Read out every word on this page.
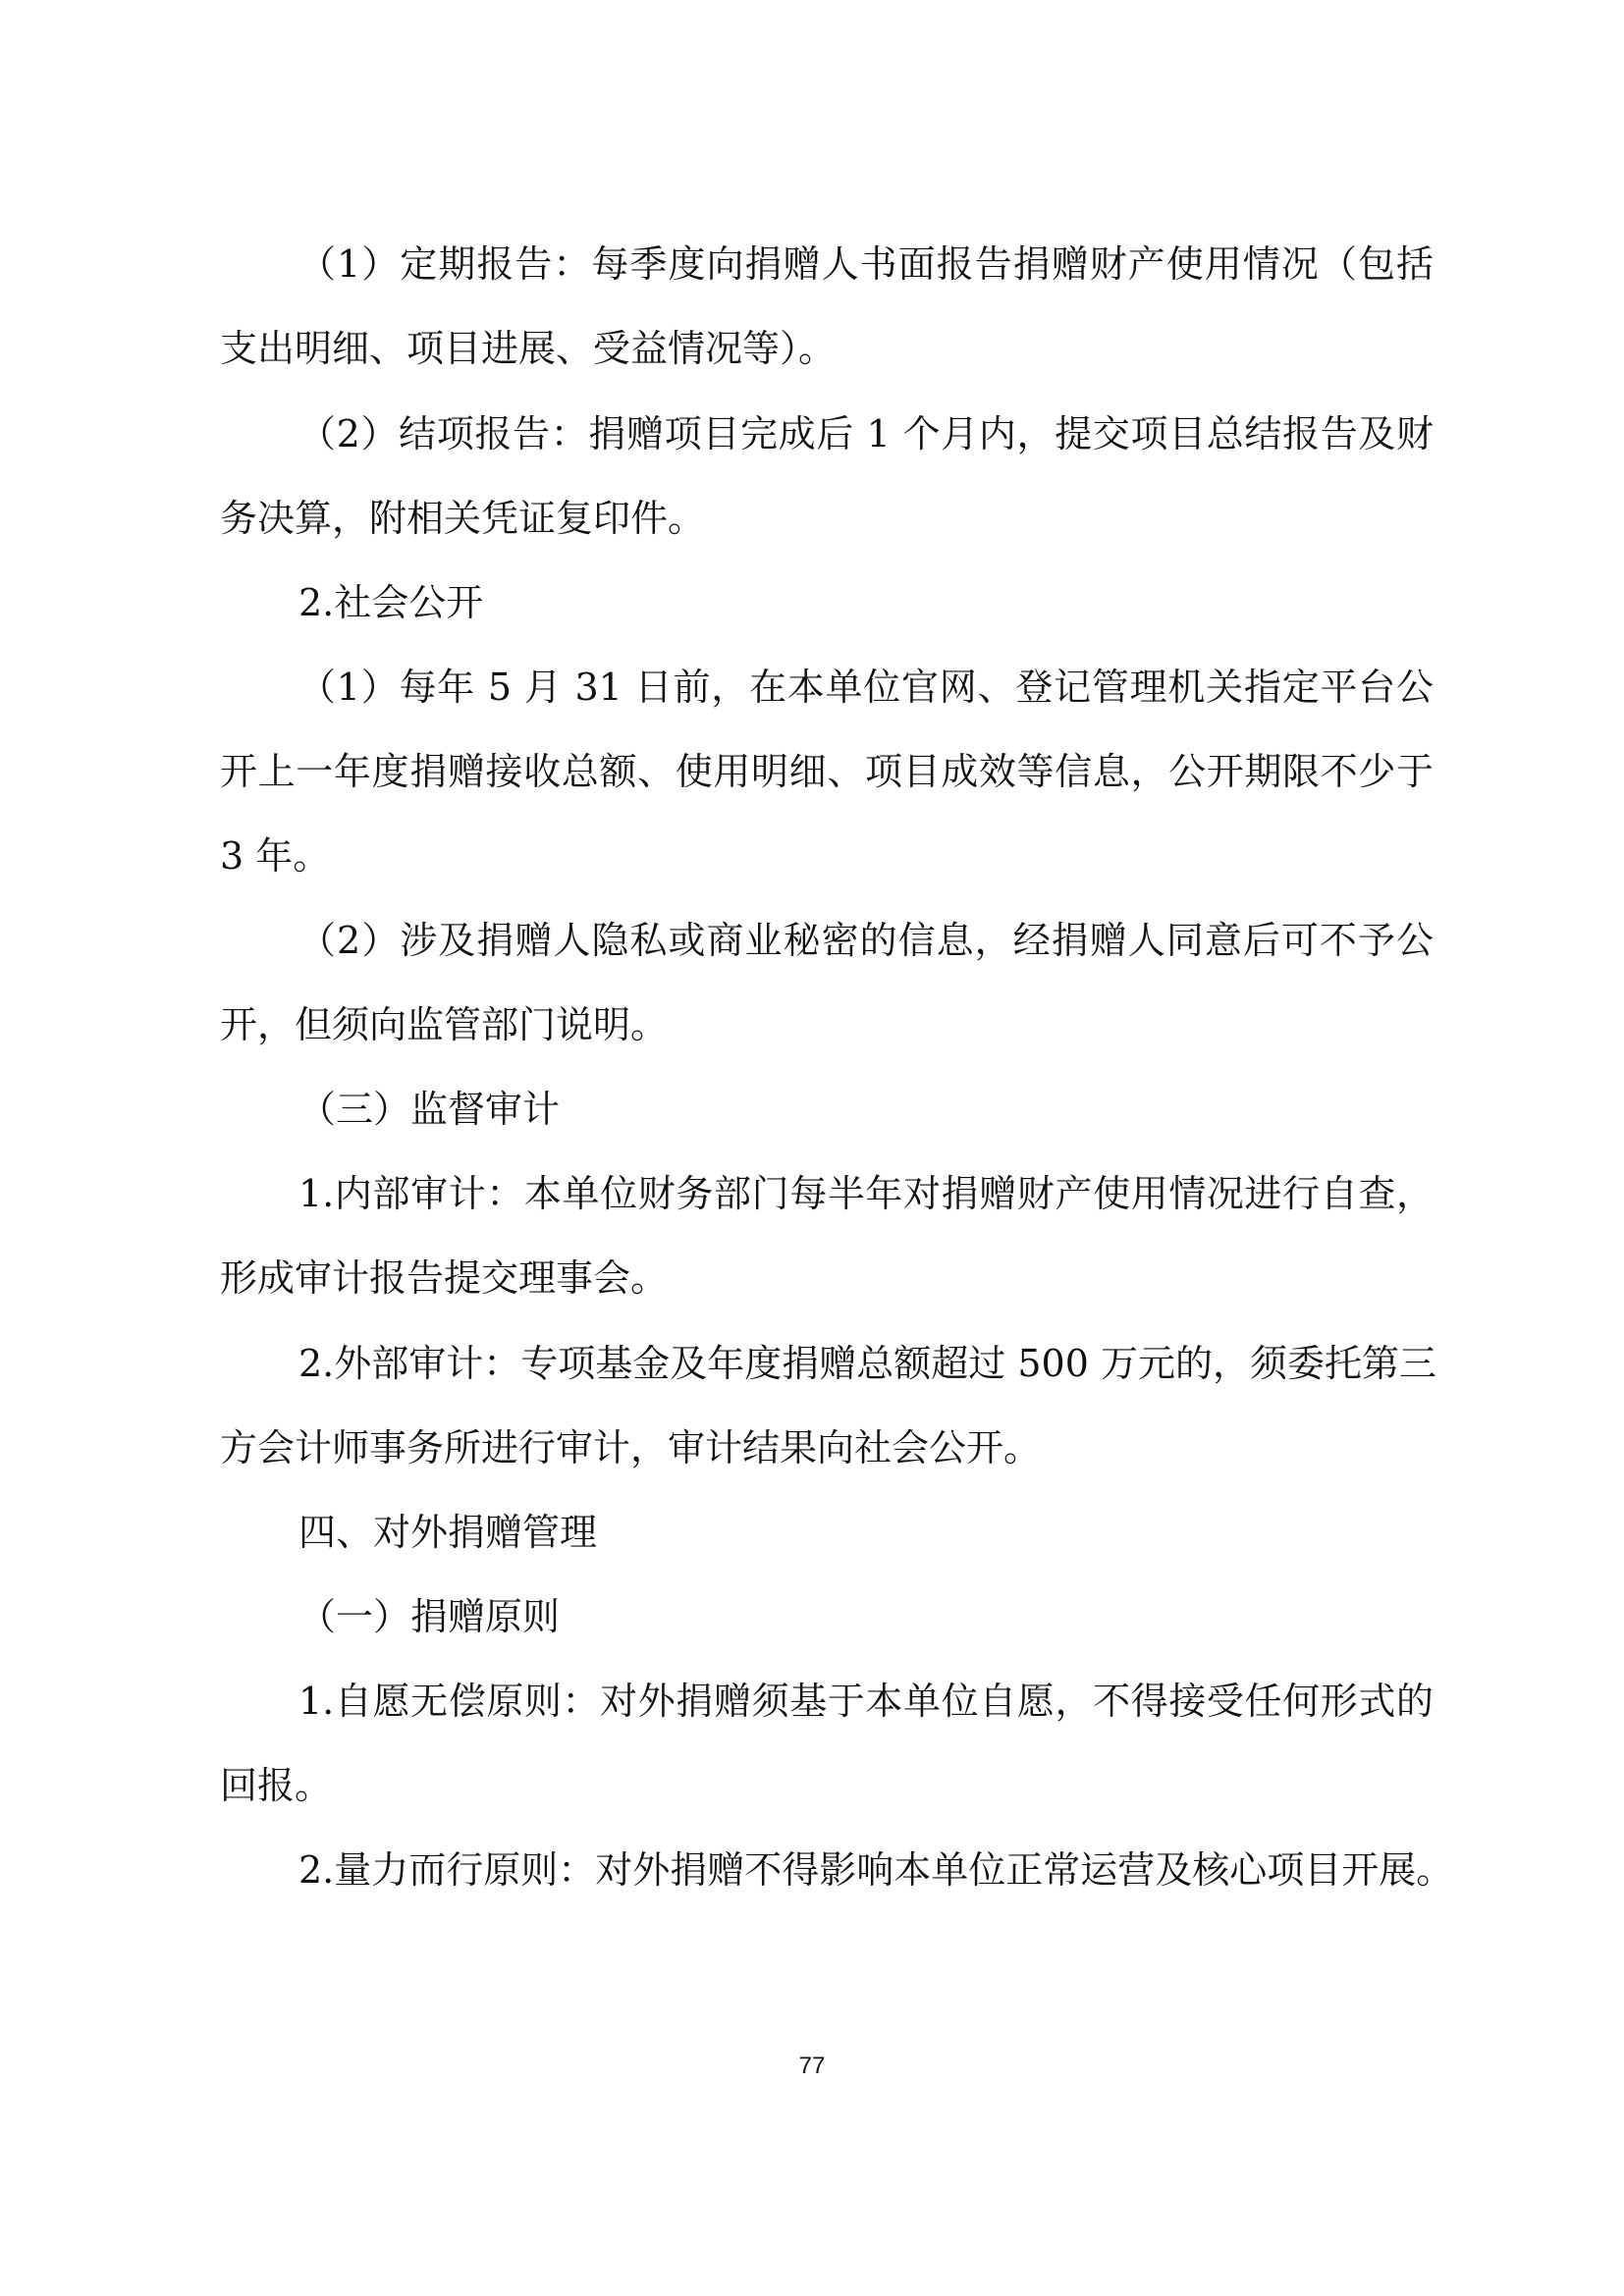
（1）定期报告：每季度向捐赠人书面报告捐赠财产使用情况（包括
支出明细、项目进展、受益情况等）。
（2）结项报告：捐赠项目完成后 1 个月内，提交项目总结报告及财
务决算，附相关凭证复印件。
2.社会公开
（1）每年 5 月 31 日前，在本单位官网、登记管理机关指定平台公
开上一年度捐赠接收总额、使用明细、项目成效等信息，公开期限不少于
3 年。
（2）涉及捐赠人隐私或商业秘密的信息，经捐赠人同意后可不予公
开，但须向监管部门说明。
（三）监督审计
1.内部审计：本单位财务部门每半年对捐赠财产使用情况进行自查，
形成审计报告提交理事会。
2.外部审计：专项基金及年度捐赠总额超过 500 万元的，须委托第三
方会计师事务所进行审计，审计结果向社会公开。
四、对外捐赠管理
（一）捐赠原则
1.自愿无偿原则：对外捐赠须基于本单位自愿，不得接受任何形式的
回报。
2.量力而行原则：对外捐赠不得影响本单位正常运营及核心项目开展。
77
